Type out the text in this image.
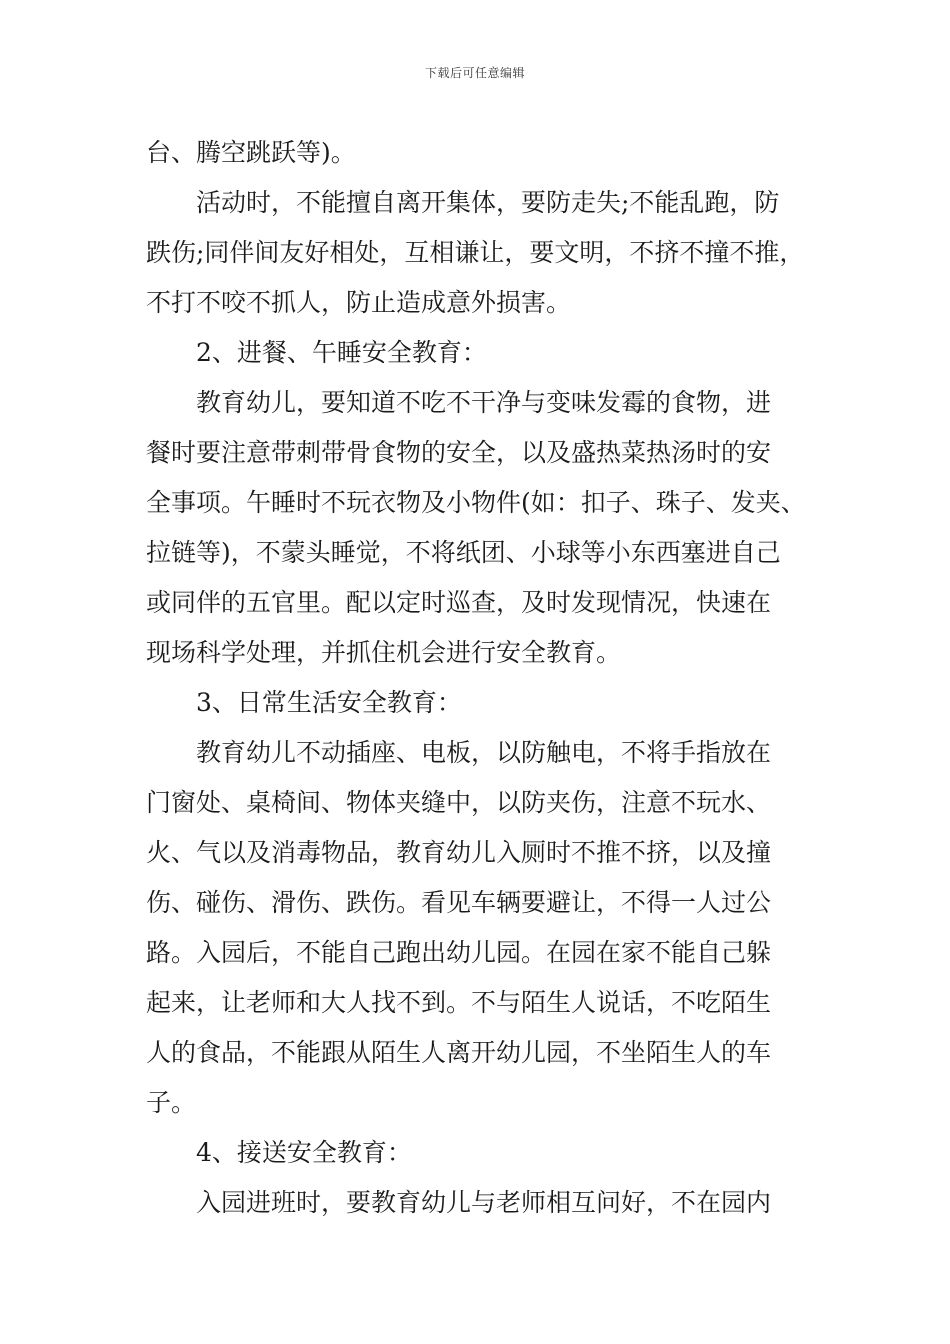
下载后可任意编辑
台、腾空跳跃等)。
活动时，不能擅自离开集体，要防走失;不能乱跑，防
跌伤;同伴间友好相处，互相谦让，要文明，不挤不撞不推，
不打不咬不抓人，防止造成意外损害。
2、进餐、午睡安全教育：
教育幼儿，要知道不吃不干净与变味发霉的食物，进
餐时要注意带刺带骨食物的安全，以及盛热菜热汤时的安
全事项。午睡时不玩衣物及小物件(如：扣子、珠子、发夹、
拉链等)，不蒙头睡觉，不将纸团、小球等小东西塞进自己
或同伴的五官里。配以定时巡查，及时发现情况，快速在
现场科学处理，并抓住机会进行安全教育。
3、日常生活安全教育：
教育幼儿不动插座、电板，以防触电，不将手指放在
门窗处、桌椅间、物体夹缝中，以防夹伤，注意不玩水、
火、气以及消毒物品，教育幼儿入厕时不推不挤，以及撞
伤、碰伤、滑伤、跌伤。看见车辆要避让，不得一人过公
路。入园后，不能自己跑出幼儿园。在园在家不能自己躲
起来，让老师和大人找不到。不与陌生人说话，不吃陌生
人的食品，不能跟从陌生人离开幼儿园，不坐陌生人的车
子。
4、接送安全教育：
入园进班时，要教育幼儿与老师相互问好，不在园内
